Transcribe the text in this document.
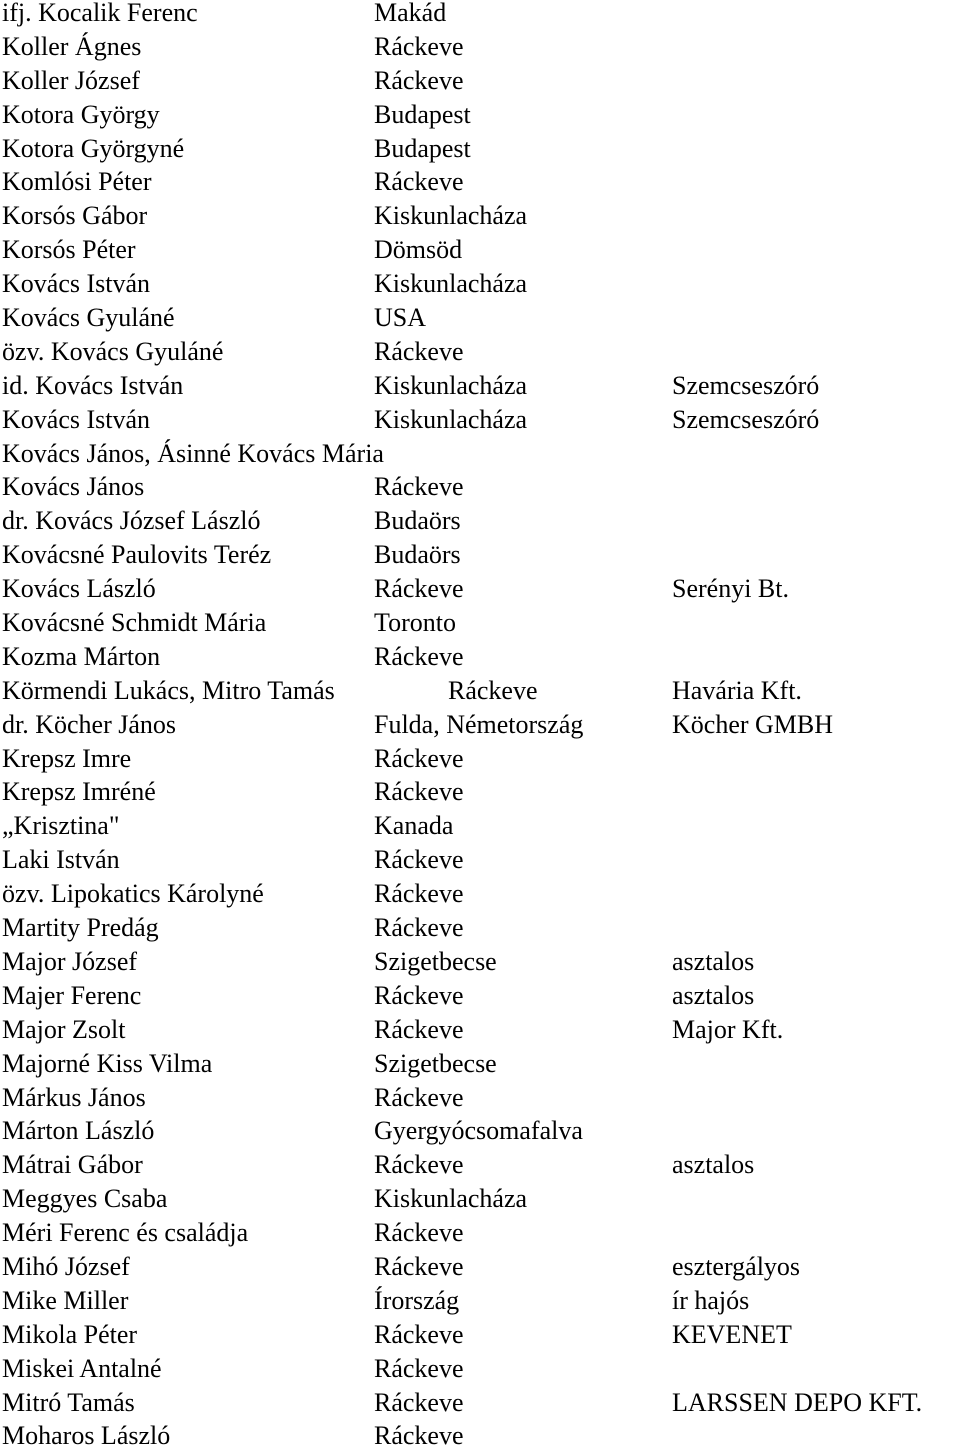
ifj. Kocalik Ferenc	Makád
Koller Ágnes	Ráckeve
Koller József	Ráckeve
Kotora György	Budapest
Kotora Györgyné	Budapest
Komlósi Péter	Ráckeve
Korsós Gábor	Kiskunlacháza
Korsós Péter	Dömsöd
Kovács István	Kiskunlacháza
Kovács Gyuláné	USA
özv. Kovács Gyuláné	Ráckeve
id. Kovács István	Kiskunlacháza	Szemcseszóró
Kovács István	Kiskunlacháza	Szemcseszóró
Kovács János, Ásinné Kovács Mária
Kovács János	Ráckeve
dr. Kovács József László	Budaörs
Kovácsné Paulovits Teréz	Budaörs
Kovács László	Ráckeve	Serényi Bt.
Kovácsné Schmidt Mária	Toronto
Kozma Márton	Ráckeve
Körmendi Lukács, Mitro Tamás	Ráckeve	Havária Kft.
dr. Köcher János	Fulda, Németország	Köcher GMBH
Krepsz Imre	Ráckeve
Krepsz Imréné	Ráckeve
„Krisztina"	Kanada
Laki István	Ráckeve
özv. Lipokatics Károlyné	Ráckeve
Martity Predág	Ráckeve
Major József	Szigetbecse	asztalos
Majer Ferenc	Ráckeve	asztalos
Major Zsolt	Ráckeve	Major Kft.
Majorné Kiss Vilma	Szigetbecse
Márkus János	Ráckeve
Márton László	Gyergyócsomafalva
Mátrai Gábor	Ráckeve	asztalos
Meggyes Csaba	Kiskunlacháza
Méri Ferenc és családja	Ráckeve
Mihó József	Ráckeve	esztergályos
Mike Miller	Írország	ír hajós
Mikola Péter	Ráckeve	KEVENET
Miskei Antalné	Ráckeve
Mitró Tamás	Ráckeve	LARSSEN DEPO KFT.
Moharos László	Ráckeve
